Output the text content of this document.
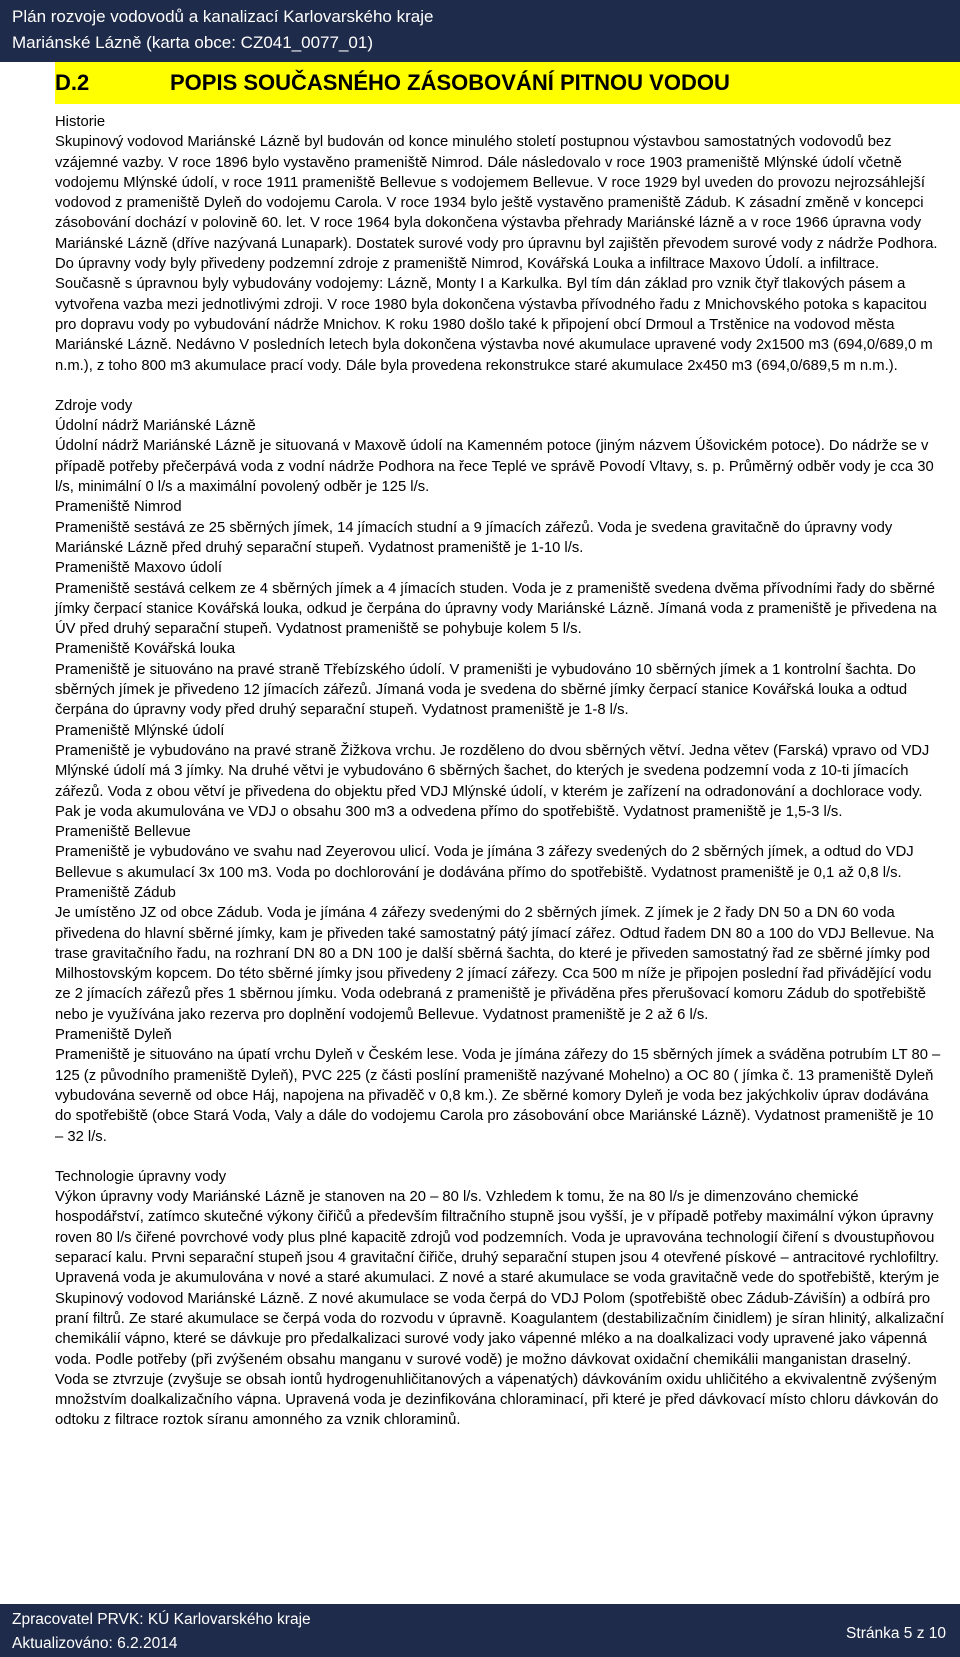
Plán rozvoje vodovodů a kanalizací Karlovarského kraje
Mariánské Lázně (karta obce: CZ041_0077_01)
D.2	POPIS SOUČASNÉHO ZÁSOBOVÁNÍ PITNOU VODOU

Historie

Skupinový vodovod Mariánské Lázně byl budován od konce minulého století postupnou výstavbou samostatných vodovodů bez vzájemné vazby. V roce 1896 bylo vystavěno prameniště Nimrod. Dále následovalo v roce 1903 prameniště Mlýnské údolí včetně vodojemu Mlýnské údolí, v roce 1911 prameniště Bellevue s vodojemem Bellevue. V roce 1929 byl uveden do provozu nejrozsáhlejší vodovod z prameniště Dyleň do vodojemu Carola. V roce 1934 bylo ještě vystavěno prameniště Zádub. K zásadní změně v koncepci zásobování dochází v polovině 60. let. V roce 1964 byla dokončena výstavba přehrady Mariánské lázně a v roce 1966 úpravna vody Mariánské Lázně (dříve nazývaná Lunapark). Dostatek surové vody pro úpravnu byl zajištěn převodem surové vody z nádrže Podhora. Do úpravny vody byly přivedeny podzemní zdroje z prameniště Nimrod, Kovářská Louka a infiltrace Maxovo Údolí. a infiltrace. Současně s úpravnou byly vybudovány vodojemy: Lázně, Monty I a Karkulka. Byl tím dán základ pro vznik čtyř tlakových pásem a vytvořena vazba mezi jednotlivými zdroji. V roce 1980 byla dokončena výstavba přívodného řadu z Mnichovského potoka s kapacitou pro dopravu vody po vybudování nádrže Mnichov. K roku 1980 došlo také k připojení obcí Drmoul a Trstěnice na vodovod města Mariánské Lázně. Nedávno V posledních letech byla dokončena výstavba nové akumulace upravené vody 2x1500 m3 (694,0/689,0 m n.m.), z toho 800 m3 akumulace prací vody. Dále byla provedena rekonstrukce staré akumulace 2x450 m3 (694,0/689,5 m n.m.).

Zdroje vody

Údolní nádrž Mariánské Lázně

Údolní nádrž Mariánské Lázně je situovaná v Maxově údolí na Kamenném potoce (jiným názvem Úšovickém potoce). Do nádrže se v případě potřeby přečerpává voda z vodní nádrže Podhora na řece Teplé ve správě Povodí Vltavy, s. p. Průměrný odběr vody je cca 30 l/s, minimální 0 l/s a maximální povolený odběr je 125 l/s.

Prameniště Nimrod

Prameniště sestává ze 25 sběrných jímek, 14 jímacích studní a 9 jímacích zářezů. Voda je svedena gravitačně do úpravny vody Mariánské Lázně před druhý separační stupeň. Vydatnost prameniště je 1-10 l/s.

Prameniště Maxovo údolí

Prameniště sestává celkem ze 4 sběrných jímek a 4 jímacích studen. Voda je z prameniště svedena dvěma přívodními řady do sběrné jímky čerpací stanice Kovářská louka, odkud je čerpána do úpravny vody Mariánské Lázně. Jímaná voda z prameniště je přivedena na ÚV před druhý separační stupeň. Vydatnost prameniště se pohybuje kolem 5 l/s.

Prameniště Kovářská louka

Prameniště je situováno na pravé straně Třebízského údolí. V prameništi je vybudováno 10 sběrných jímek a 1 kontrolní šachta. Do sběrných jímek je přivedeno 12 jímacích zářezů. Jímaná voda je svedena do sběrné jímky čerpací stanice Kovářská louka a odtud čerpána do úpravny vody před druhý separační stupeň. Vydatnost prameniště je 1-8 l/s.

Prameniště Mlýnské údolí

Prameniště je vybudováno na pravé straně Žižkova vrchu. Je rozděleno do dvou sběrných větví. Jedna větev (Farská) vpravo od VDJ Mlýnské údolí má 3 jímky. Na druhé větvi je vybudováno 6 sběrných šachet, do kterých je svedena podzemní voda z 10-ti jímacích zářezů. Voda z obou větví je přivedena do objektu před VDJ Mlýnské údolí, v kterém je zařízení na odradonování a dochlorace vody. Pak je voda akumulována ve VDJ o obsahu 300 m3 a odvedena přímo do spotřebiště. Vydatnost prameniště je 1,5-3 l/s.

Prameniště Bellevue

Prameniště je vybudováno ve svahu nad Zeyerovou ulicí. Voda je jímána 3 zářezy svedených do 2 sběrných jímek, a odtud do VDJ Bellevue s akumulací 3x 100 m3. Voda po dochlorování je dodávána přímo do spotřebiště. Vydatnost prameniště je 0,1 až 0,8 l/s.

Prameniště Zádub

Je umístěno JZ od obce Zádub. Voda je jímána 4 zářezy svedenými do 2 sběrných jímek. Z jímek je 2 řady DN 50 a DN 60 voda přivedena do hlavní sběrné jímky, kam je přiveden také samostatný pátý jímací zářez. Odtud řadem DN 80 a 100 do VDJ Bellevue. Na trase gravitačního řadu, na rozhraní DN 80 a DN 100 je další sběrná šachta, do které je přiveden samostatný řad ze sběrné jímky pod Milhostovským kopcem. Do této sběrné jímky jsou přivedeny 2 jímací zářezy. Cca 500 m níže je připojen poslední řad přivádějící vodu ze 2 jímacích zářezů přes 1 sběrnou jímku. Voda odebraná z prameniště je přiváděna přes přerušovací komoru Zádub do spotřebiště nebo je využívána jako rezerva pro doplnění vodojemů Bellevue. Vydatnost prameniště je 2 až 6 l/s.

Prameniště Dyleň

Prameniště je situováno na úpatí vrchu Dyleň v Českém lese. Voda je jímána zářezy do 15 sběrných jímek a sváděna potrubím LT 80 – 125 (z původního prameniště Dyleň), PVC 225 (z části poslíní prameniště nazývané Mohelno) a OC 80 ( jímka č. 13 prameniště Dyleň vybudována severně od obce Háj, napojena na přivaděč v 0,8 km.). Ze sběrné komory Dyleň je voda bez jakýchkoliv úprav dodávána do spotřebiště (obce Stará Voda, Valy a dále do vodojemu Carola pro zásobování obce Mariánské Lázně). Vydatnost prameniště je 10 – 32 l/s.

Technologie úpravny vody

Výkon úpravny vody Mariánské Lázně je stanoven na 20 – 80 l/s. Vzhledem k tomu, že na 80 l/s je dimenzováno chemické hospodářství, zatímco skutečné výkony čiřičů a především filtračního stupně jsou vyšší, je v případě potřeby maximální výkon úpravny roven 80 l/s čiřené povrchové vody plus plné kapacitě zdrojů vod podzemních. Voda je upravována technologií čiření s dvoustupňovou separací kalu. Prvni separační stupeň jsou 4 gravitační čiřiče, druhý separační stupen jsou 4 otevřené pískové – antracitové rychlofiltry.

Upravená voda je akumulována v nové a staré akumulaci. Z nové a staré akumulace se voda gravitačně vede do spotřebiště, kterým je Skupinový vodovod Mariánské Lázně. Z nové akumulace se voda čerpá do VDJ Polom (spotřebiště obec Zádub-Závišín) a odbírá pro praní filtrů. Ze staré akumulace se čerpá voda do rozvodu v úpravně. Koagulantem (destabilizačním činidlem) je síran hlinitý, alkalizační chemikálií vápno, které se dávkuje pro předalkalizaci surové vody jako vápenné mléko a na doalkalizaci vody upravené jako vápenná voda. Podle potřeby (při zvýšeném obsahu manganu v surové vodě) je možno dávkovat oxidační chemikálii manganistan draselný. Voda se ztvrzuje (zvyšuje se obsah iontů hydrogenuhličitanových a vápenatých) dávkováním oxidu uhličitého a ekvivalentně zvýšeným množstvím doalkalizačního vápna. Upravená voda je dezinfikována chloraminací, při které je před dávkovací místo chloru dávkován do odtoku z filtrace roztok síranu amonného za vznik chloraminů.

Zpracovatel PRVK: KÚ Karlovarského kraje
Aktualizováno: 6.2.2014
Stránka 5 z 10
